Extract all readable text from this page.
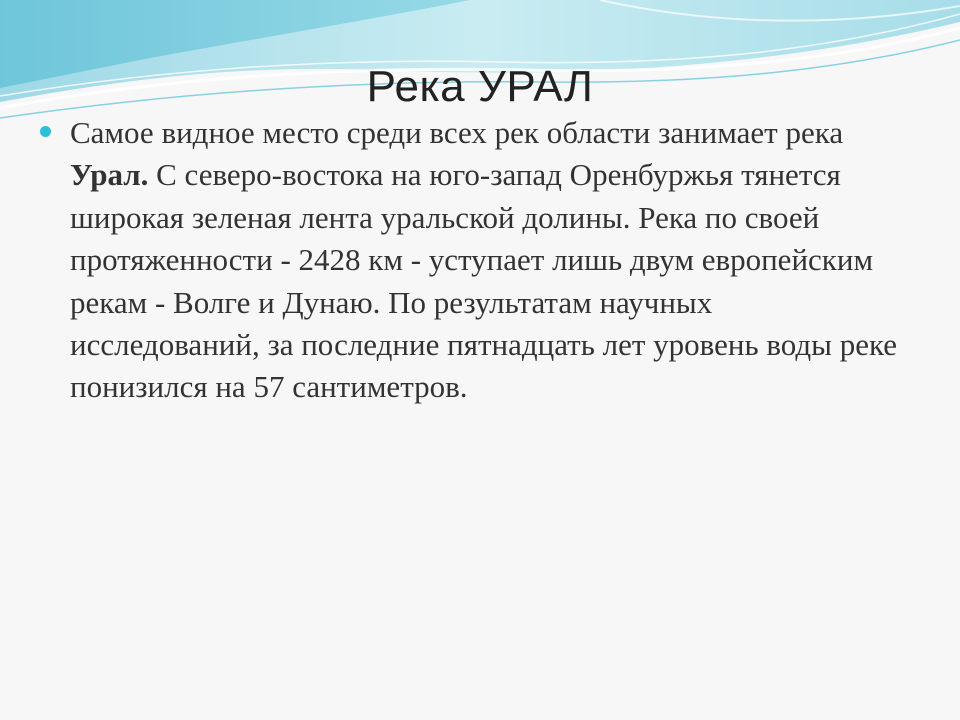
Река УРАЛ
Самое видное место среди всех рек области занимает река Урал. С северо-востока на юго-запад Оренбуржья тянется широкая зеленая лента уральской долины. Река по своей протяженности - 2428 км - уступает лишь двум европейским рекам - Волге и Дунаю. По результатам научных исследований, за последние пятнадцать лет уровень воды реке понизился на 57 сантиметров.
